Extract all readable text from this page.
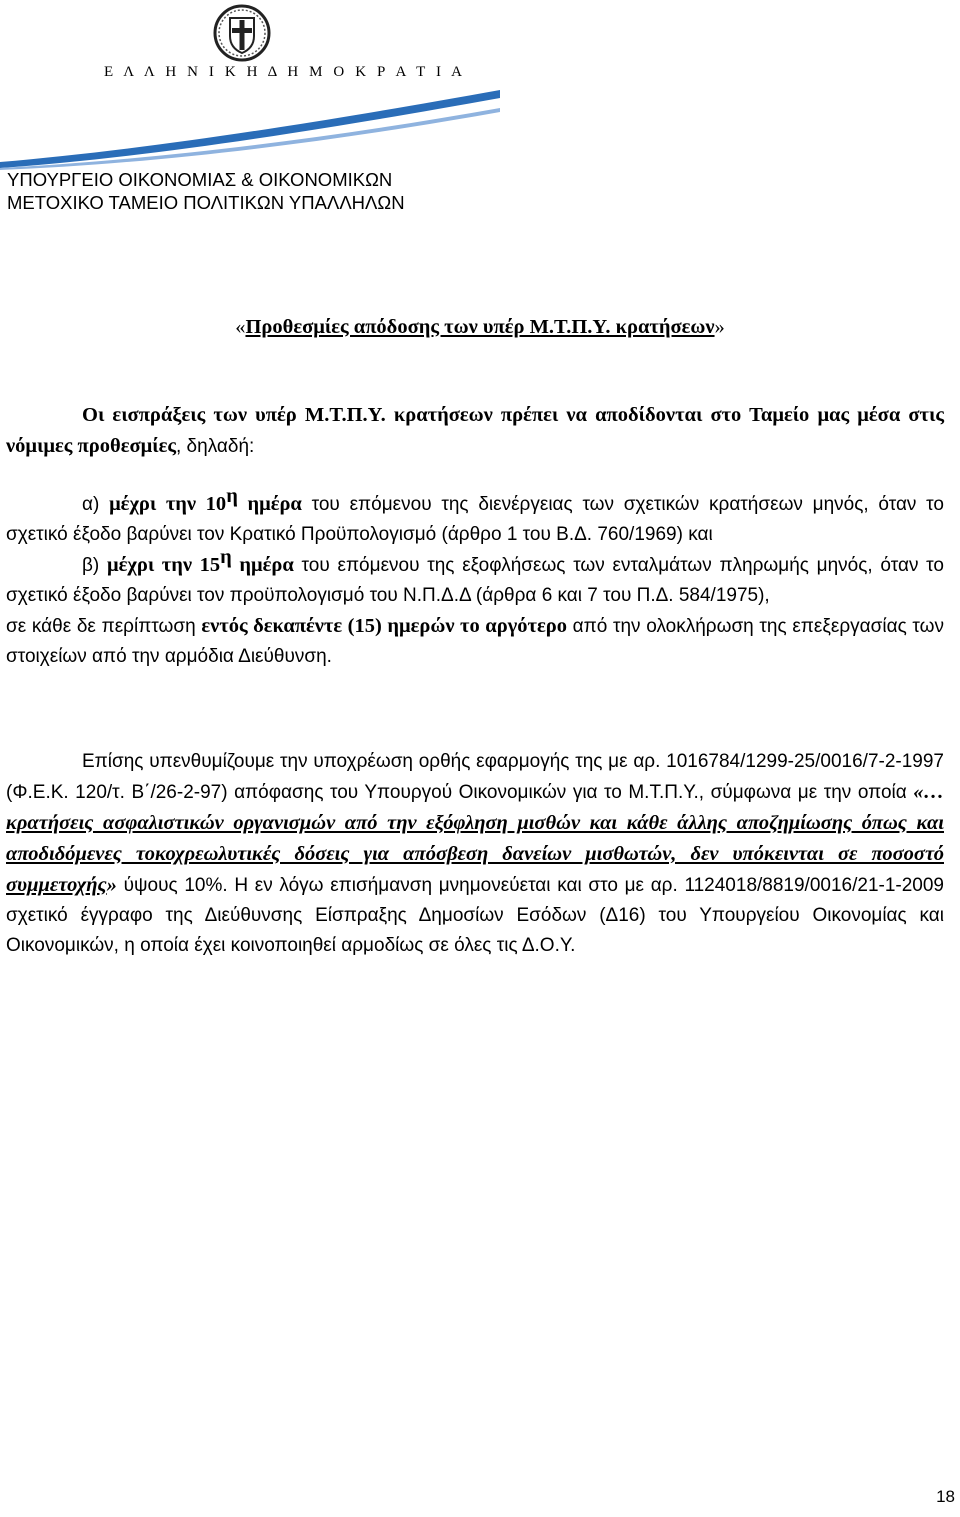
Ε Λ Λ Η Ν Ι Κ Η Δ Η Μ Ο Κ Ρ Α Τ Ι Α
ΥΠΟΥΡΓΕΙΟ ΟΙΚΟΝΟΜΙΑΣ & ΟΙΚΟΝΟΜΙΚΩΝ
ΜΕΤΟΧΙΚΟ ΤΑΜΕΙΟ ΠΟΛΙΤΙΚΩΝ ΥΠΑΛΛΗΛΩΝ
«Προθεσμίες απόδοσης των υπέρ Μ.Τ.Π.Υ. κρατήσεων»
Οι εισπράξεις των υπέρ Μ.Τ.Π.Υ. κρατήσεων πρέπει να αποδίδονται στο Ταμείο μας μέσα στις νόμιμες προθεσμίες, δηλαδή:
α) μέχρι την $10^\eta$ ημέρα του επόμενου της διενέργειας των σχετικών κρατήσεων μηνός, όταν το σχετικό έξοδο βαρύνει τον Κρατικό Προϋπολογισμό (άρθρο 1 του Β.Δ. 760/1969) και
β) μέχρι την $15^\eta$ ημέρα του επόμενου της εξοφλήσεως των ενταλμάτων πληρωμής μηνός, όταν το σχετικό έξοδο βαρύνει τον προϋπολογισμό του Ν.Π.Δ.Δ (άρθρα 6 και 7 του Π.Δ. 584/1975),
σε κάθε δε περίπτωση εντός δεκαπέντε (15) ημερών το αργότερο από την ολοκλήρωση της επεξεργασίας των στοιχείων από την αρμόδια Διεύθυνση.
Επίσης υπενθυμίζουμε την υποχρέωση ορθής εφαρμογής της με αρ. 1016784/1299-25/0016/7-2-1997 (Φ.Ε.Κ. 120/τ. Β΄/26-2-97) απόφασης του Υπουργού Οικονομικών για το Μ.Τ.Π.Υ., σύμφωνα με την οποία «… κρατήσεις ασφαλιστικών οργανισμών από την εξόφληση μισθών και κάθε άλλης αποζημίωσης όπως και αποδιδόμενες τοκοχρεωλυτικές δόσεις για απόσβεση δανείων μισθωτών, δεν υπόκεινται σε ποσοστό συμμετοχής» ύψους 10%. Η εν λόγω επισήμανση μνημονεύεται και στο με αρ. 1124018/8819/0016/21-1-2009 σχετικό έγγραφο της Διεύθυνσης Είσπραξης Δημοσίων Εσόδων (Δ16) του Υπουργείου Οικονομίας και Οικονομικών, η οποία έχει κοινοποιηθεί αρμοδίως σε όλες τις Δ.Ο.Υ.
18
